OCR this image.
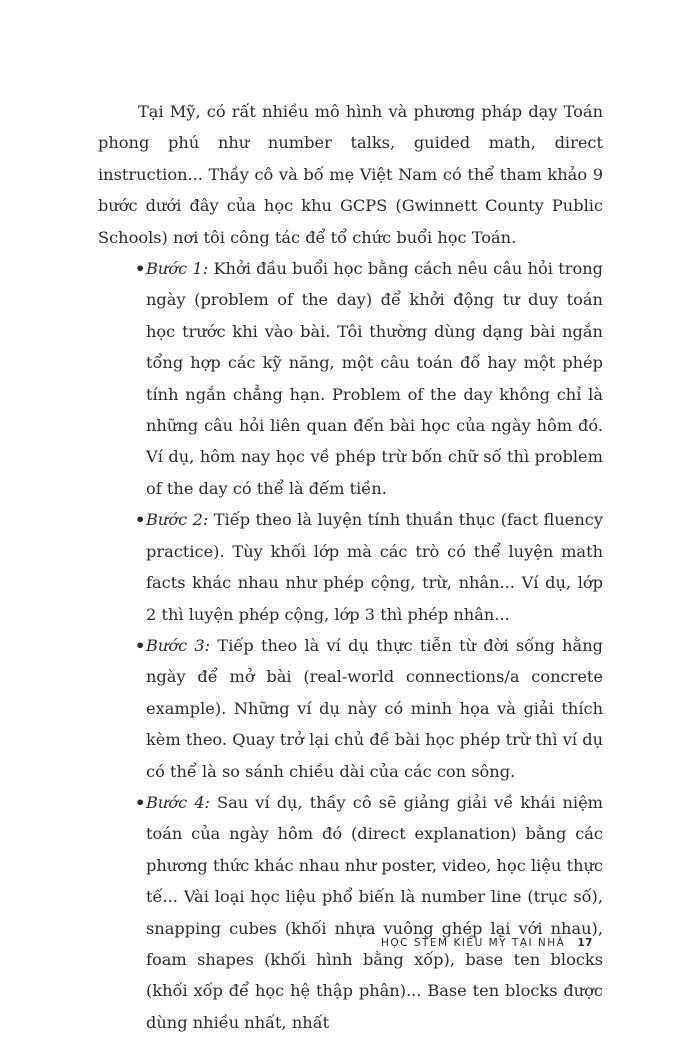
Tại Mỹ, có rất nhiều mô hình và phương pháp dạy Toán phong phú như number talks, guided math, direct instruction... Thầy cô và bố mẹ Việt Nam có thể tham khảo 9 bước dưới đây của học khu GCPS (Gwinnett County Public Schools) nơi tôi công tác để tổ chức buổi học Toán.

• Bước 1: Khởi đầu buổi học bằng cách nêu câu hỏi trong ngày (problem of the day) để khởi động tư duy toán học trước khi vào bài. Tôi thường dùng dạng bài ngắn tổng hợp các kỹ năng, một câu toán đố hay một phép tính ngắn chẳng hạn. Problem of the day không chỉ là những câu hỏi liên quan đến bài học của ngày hôm đó. Ví dụ, hôm nay học về phép trừ bốn chữ số thì problem of the day có thể là đếm tiền.
• Bước 2: Tiếp theo là luyện tính thuần thục (fact fluency practice). Tùy khối lớp mà các trò có thể luyện math facts khác nhau như phép cộng, trừ, nhân... Ví dụ, lớp 2 thì luyện phép cộng, lớp 3 thì phép nhân...
• Bước 3: Tiếp theo là ví dụ thực tiễn từ đời sống hằng ngày để mở bài (real-world connections/a concrete example). Những ví dụ này có minh họa và giải thích kèm theo. Quay trở lại chủ đề bài học phép trừ thì ví dụ có thể là so sánh chiều dài của các con sông.
• Bước 4: Sau ví dụ, thầy cô sẽ giảng giải về khái niệm toán của ngày hôm đó (direct explanation) bằng các phương thức khác nhau như poster, video, học liệu thực tế... Vài loại học liệu phổ biến là number line (trục số), snapping cubes (khối nhựa vuông ghép lại với nhau), foam shapes (khối hình bằng xốp), base ten blocks (khối xốp để học hệ thập phân)... Base ten blocks được dùng nhiều nhất, nhất
HỌC STEM KIỂU MỸ TẠI NHÀ 17
